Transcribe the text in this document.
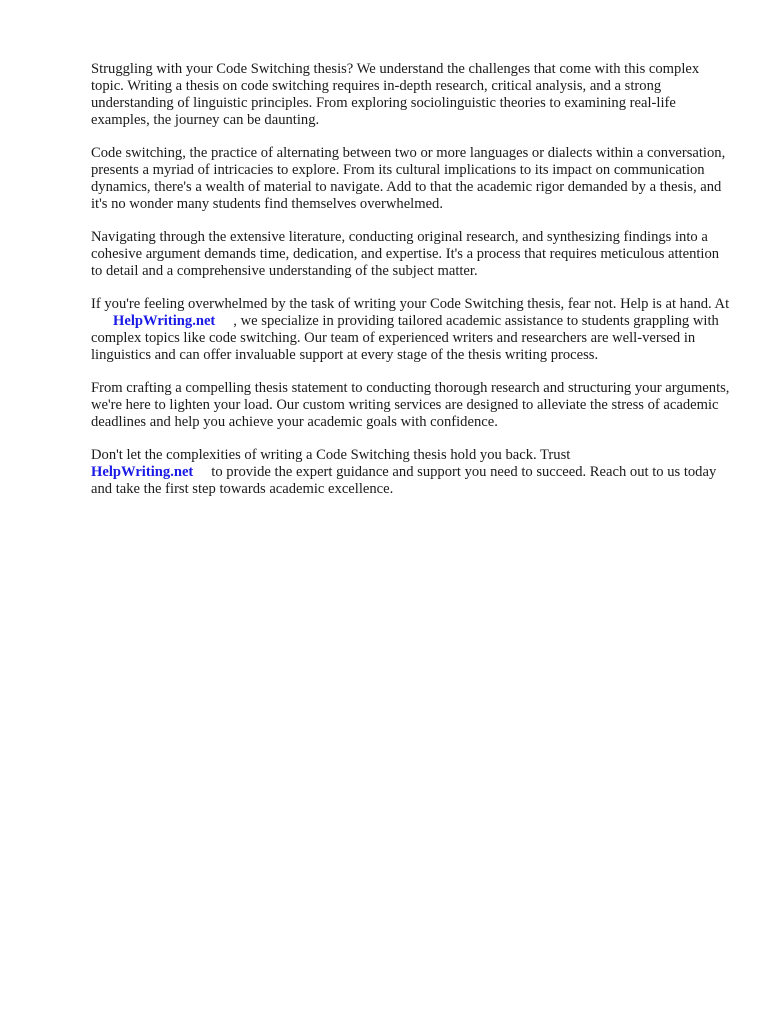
Struggling with your Code Switching thesis? We understand the challenges that come with this complex topic. Writing a thesis on code switching requires in-depth research, critical analysis, and a strong understanding of linguistic principles. From exploring sociolinguistic theories to examining real-life examples, the journey can be daunting.

Code switching, the practice of alternating between two or more languages or dialects within a conversation, presents a myriad of intricacies to explore. From its cultural implications to its impact on communication dynamics, there's a wealth of material to navigate. Add to that the academic rigor demanded by a thesis, and it's no wonder many students find themselves overwhelmed.

Navigating through the extensive literature, conducting original research, and synthesizing findings into a cohesive argument demands time, dedication, and expertise. It's a process that requires meticulous attention to detail and a comprehensive understanding of the subject matter.

If you're feeling overwhelmed by the task of writing your Code Switching thesis, fear not. Help is at hand. AtHelpWriting.net , we specialize in providing tailored academic assistance to students grappling with complex topics like code switching. Our team of experienced writers and researchers are well-versed in linguistics and can offer invaluable support at every stage of the thesis writing process.

From crafting a compelling thesis statement to conducting thorough research and structuring your arguments, we're here to lighten your load. Our custom writing services are designed to alleviate the stress of academic deadlines and help you achieve your academic goals with confidence.

Don't let the complexities of writing a Code Switching thesis hold you back. Trust
HelpWriting.net to provide the expert guidance and support you need to succeed. Reach out to us today and take the first step towards academic excellence.
